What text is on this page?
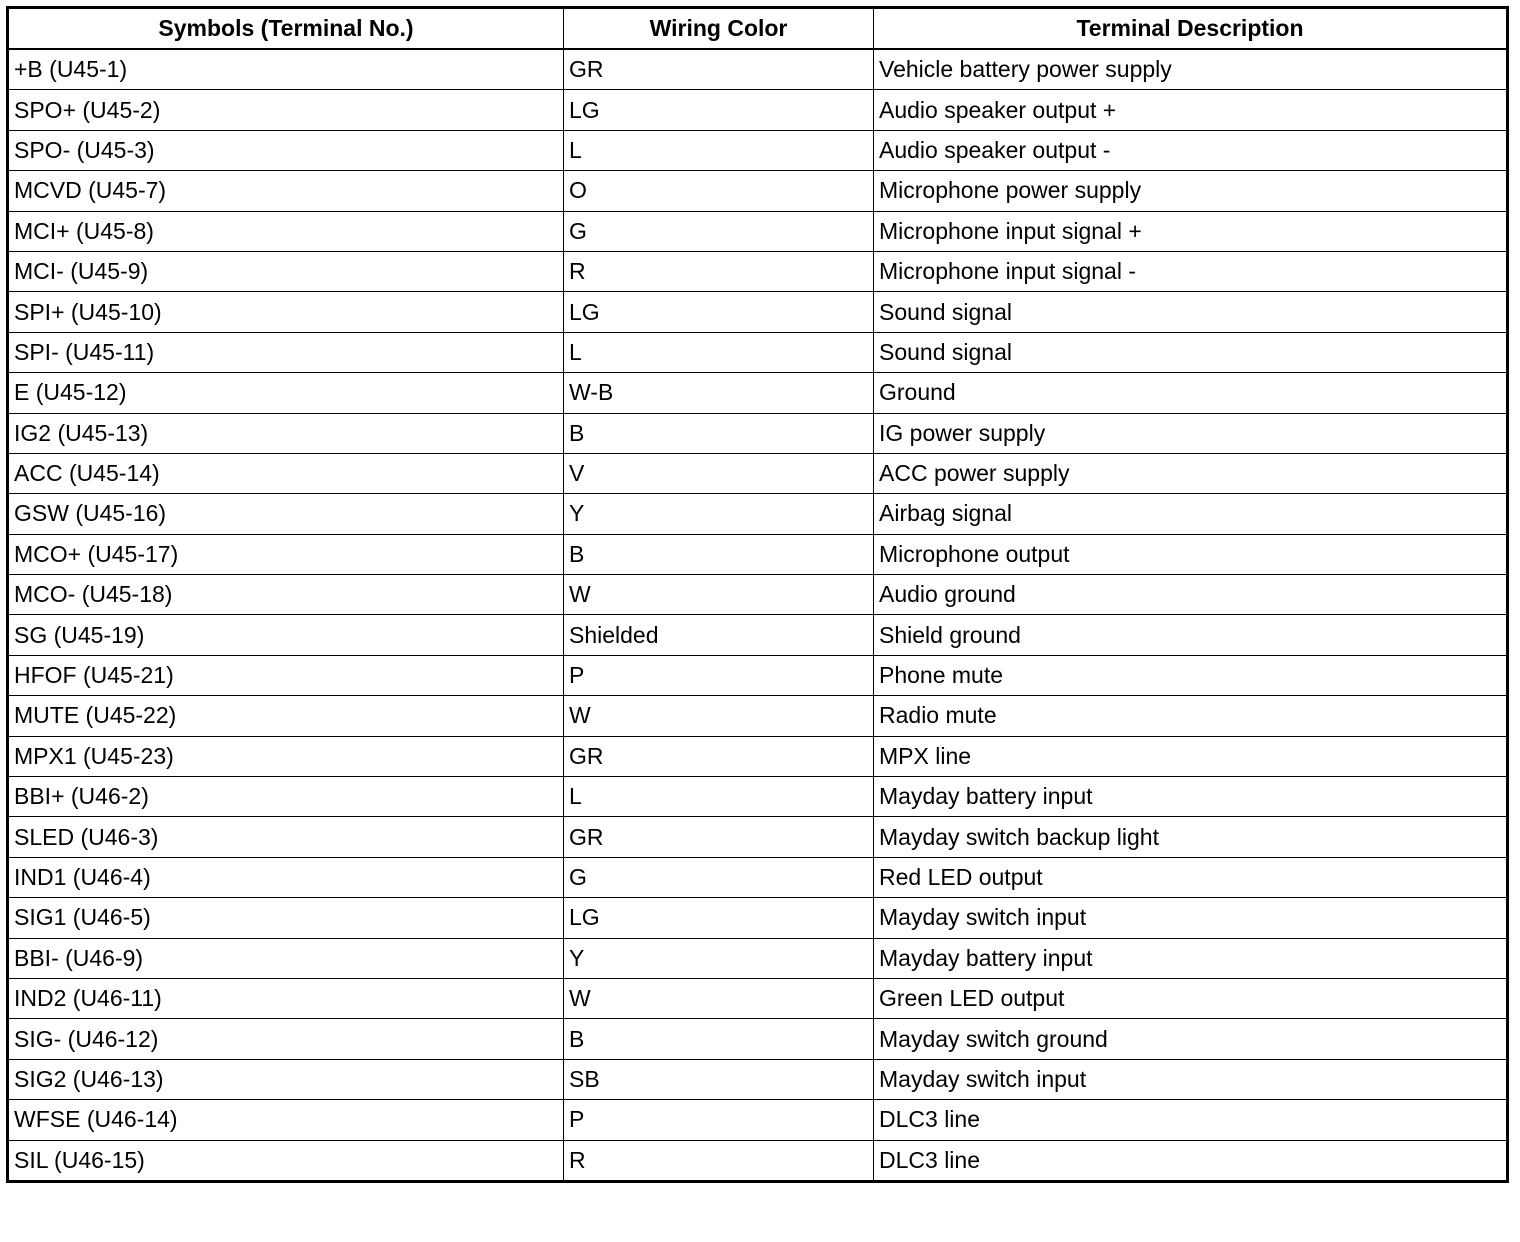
Symbols (Terminal No.)	Wiring Color	Terminal Description
+B (U45-1)	GR	Vehicle battery power supply
SPO+ (U45-2)	LG	Audio speaker output +
SPO- (U45-3)	L	Audio speaker output -
MCVD (U45-7)	O	Microphone power supply
MCI+ (U45-8)	G	Microphone input signal +
MCI- (U45-9)	R	Microphone input signal -
SPI+ (U45-10)	LG	Sound signal
SPI- (U45-11)	L	Sound signal
E (U45-12)	W-B	Ground
IG2 (U45-13)	B	IG power supply
ACC (U45-14)	V	ACC power supply
GSW (U45-16)	Y	Airbag signal
MCO+ (U45-17)	B	Microphone output
MCO- (U45-18)	W	Audio ground
SG (U45-19)	Shielded	Shield ground
HFOF (U45-21)	P	Phone mute
MUTE (U45-22)	W	Radio mute
MPX1 (U45-23)	GR	MPX line
BBI+ (U46-2)	L	Mayday battery input
SLED (U46-3)	GR	Mayday switch backup light
IND1 (U46-4)	G	Red LED output
SIG1 (U46-5)	LG	Mayday switch input
BBI- (U46-9)	Y	Mayday battery input
IND2 (U46-11)	W	Green LED output
SIG- (U46-12)	B	Mayday switch ground
SIG2 (U46-13)	SB	Mayday switch input
WFSE (U46-14)	P	DLC3 line
SIL (U46-15)	R	DLC3 line
